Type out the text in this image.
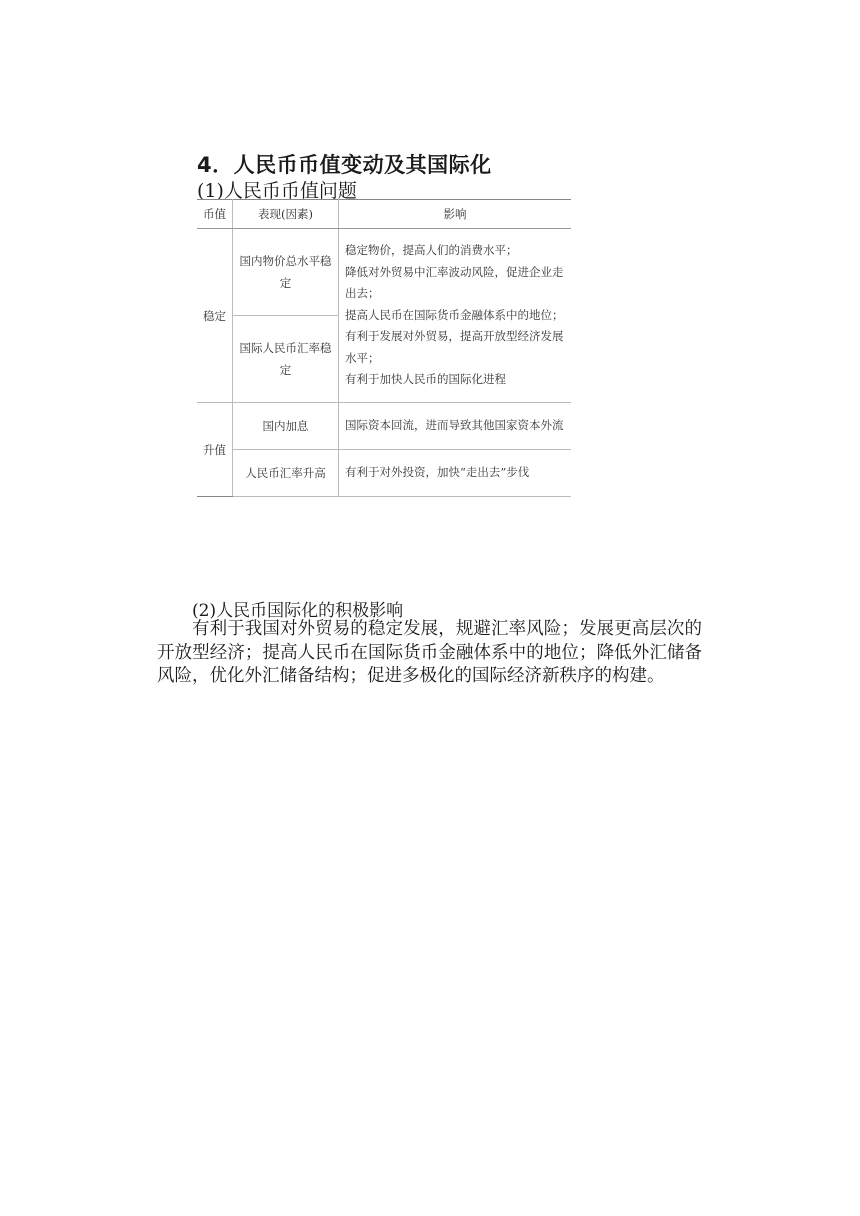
4．人民币币值变动及其国际化
(1)人民币币值问题
币值	表现(因素)	影响
稳定	国内物价总水平稳定	稳定物价，提高人们的消费水平；
降低对外贸易中汇率波动风险，促进企业走出去；
提高人民币在国际货币金融体系中的地位；
有利于发展对外贸易，提高开放型经济发展水平；
有利于加快人民币的国际化进程

	国际人民币汇率稳定	
升值	国内加息	国际资本回流，进而导致其他国家资本外流
	人民币汇率升高	有利于对外投资，加快“走出去”步伐
(2)人民币国际化的积极影响
有利于我国对外贸易的稳定发展，规避汇率风险；发展更高层次的开放型经济；提高人民币在国际货币金融体系中的地位；降低外汇储备风险，优化外汇储备结构；促进多极化的国际经济新秩序的构建。
